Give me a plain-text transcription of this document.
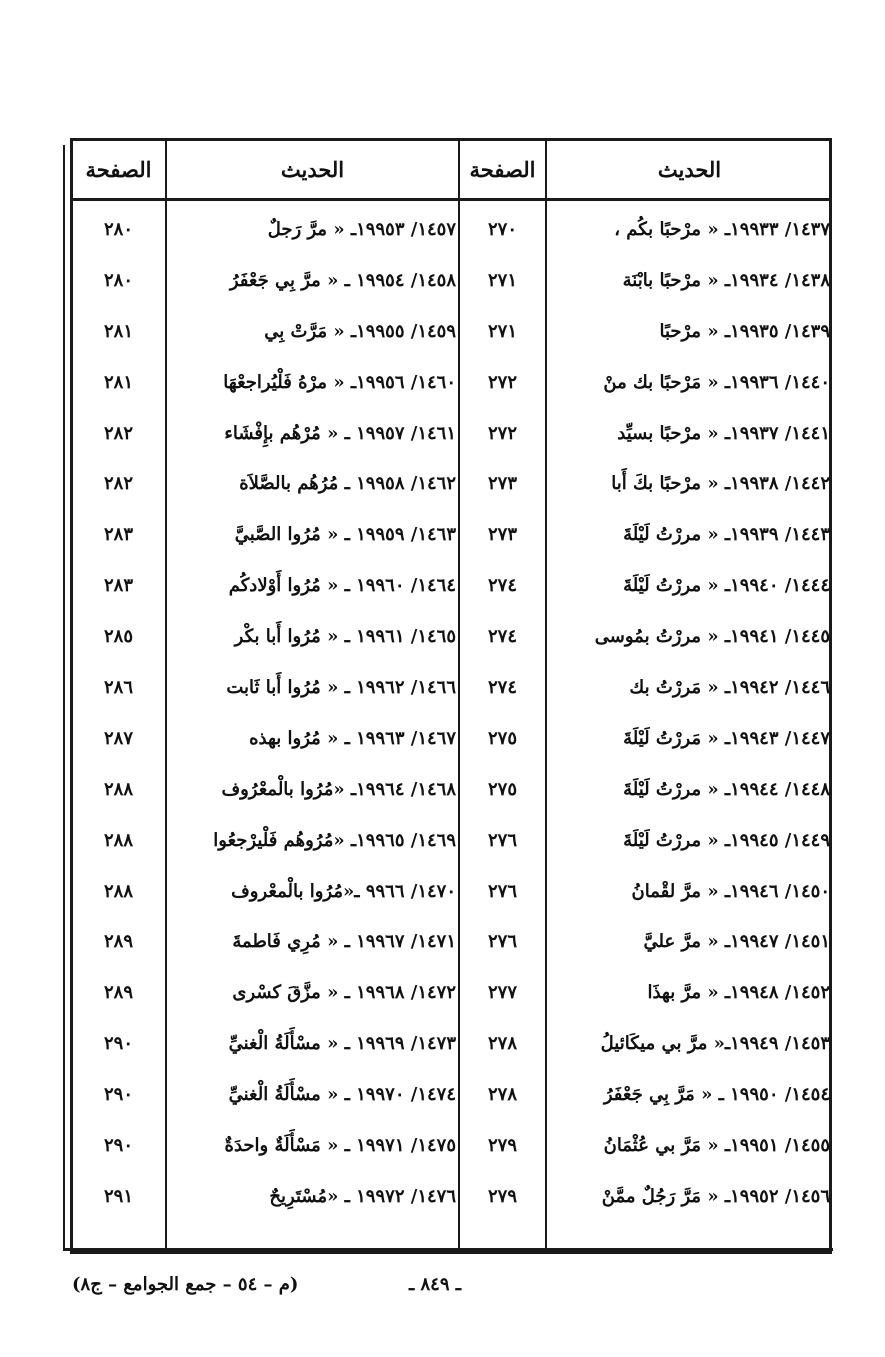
الحديث
الصفحة
الحديث
الصفحة
١٤٣٧/ ١٩٩٣٣ـ « مرْحبًا بكُم ،
٢٧٠
١٤٥٧/ ١٩٩٥٣ـ « مرَّ رَجلٌ
٢٨٠
١٤٣٨/ ١٩٩٣٤ـ « مرْحبًا بابْنَة
٢٧١
١٤٥٨/ ١٩٩٥٤ ـ « مرَّ بِي جَعْفَرُ
٢٨٠
١٤٣٩/ ١٩٩٣٥ـ « مرْحبًا
٢٧١
١٤٥٩/ ١٩٩٥٥ـ « مَرَّتْ بِي
٢٨١
١٤٤٠/ ١٩٩٣٦ـ « مَرْحبًا بك منْ
٢٧٢
١٤٦٠/ ١٩٩٥٦ـ « مرْهُ فَلْيُراجعْهَا
٢٨١
١٤٤١/ ١٩٩٣٧ـ « مرْحبًا بسيِّد
٢٧٢
١٤٦١/ ١٩٩٥٧ ـ « مُرْهُم بإِفْشَاء
٢٨٢
١٤٤٢/ ١٩٩٣٨ـ « مرْحبًا بكَ أَبا
٢٧٣
١٤٦٢/ ١٩٩٥٨ ـ مُرُهُم بالصَّلاَة
٢٨٢
١٤٤٣/ ١٩٩٣٩ـ « مررْتُ لَيْلَةَ
٢٧٣
١٤٦٣/ ١٩٩٥٩ ـ « مُرُوا الصَّبيَّ
٢٨٣
١٤٤٤/ ١٩٩٤٠ـ « مررْتُ لَيْلَةَ
٢٧٤
١٤٦٤/ ١٩٩٦٠ ـ « مُرُوا أَوْلادكُم
٢٨٣
١٤٤٥/ ١٩٩٤١ـ « مررْتُ بمُوسى
٢٧٤
١٤٦٥/ ١٩٩٦١ ـ « مُرُوا أَبا بكْر
٢٨٥
١٤٤٦/ ١٩٩٤٢ـ « مَررْتُ بك
٢٧٤
١٤٦٦/ ١٩٩٦٢ ـ « مُرُوا أَبا ثَابت
٢٨٦
١٤٤٧/ ١٩٩٤٣ـ « مَررْتُ لَيْلَةَ
٢٧٥
١٤٦٧/ ١٩٩٦٣ ـ « مُرُوا بهذه
٢٨٧
١٤٤٨/ ١٩٩٤٤ـ « مررْتُ لَيْلَةَ
٢٧٥
١٤٦٨/ ١٩٩٦٤ـ «مُرُوا بالْمعْرُوف
٢٨٨
١٤٤٩/ ١٩٩٤٥ـ « مررْتُ لَيْلَةَ
٢٧٦
١٤٦٩/ ١٩٩٦٥ـ «مُرُوهُم فَلْيرْجعُوا
٢٨٨
١٤٥٠/ ١٩٩٤٦ـ « مرَّ لقْمانُ
٢٧٦
١٤٧٠/ ٩٩٦٦ ـ«مُرُوا بالْمعْروف
٢٨٨
١٤٥١/ ١٩٩٤٧ـ « مرَّ عليَّ
٢٧٦
١٤٧١/ ١٩٩٦٧ ـ « مُرِي فَاطمةَ
٢٨٩
١٤٥٢/ ١٩٩٤٨ـ « مرَّ بهذَا
٢٧٧
١٤٧٢/ ١٩٩٦٨ ـ « مزَّقَ كسْرى
٢٨٩
١٤٥٣/ ١٩٩٤٩ـ« مرَّ بي ميكَائيلُ
٢٧٨
١٤٧٣/ ١٩٩٦٩ ـ « مسْأَلَةُ الْغنيِّ
٢٩٠
١٤٥٤/ ١٩٩٥٠ ـ « مَرَّ بِي جَعْفَرُ
٢٧٨
١٤٧٤/ ١٩٩٧٠ ـ « مسْأَلَةُ الْغنيِّ
٢٩٠
١٤٥٥/ ١٩٩٥١ـ « مَرَّ بي عُثْمَانُ
٢٧٩
١٤٧٥/ ١٩٩٧١ ـ « مَسْأَلَةٌ واحدَةٌ
٢٩٠
١٤٥٦/ ١٩٩٥٢ـ « مَرَّ رَجُلٌ ممَّنْ
٢٧٩
١٤٧٦/ ١٩٩٧٢ ـ «مُسْتَرِيحٌ
٢٩١
ـ ٨٤٩ ـ
(م – ٥٤ – جمع الجوامع – ج٨)
